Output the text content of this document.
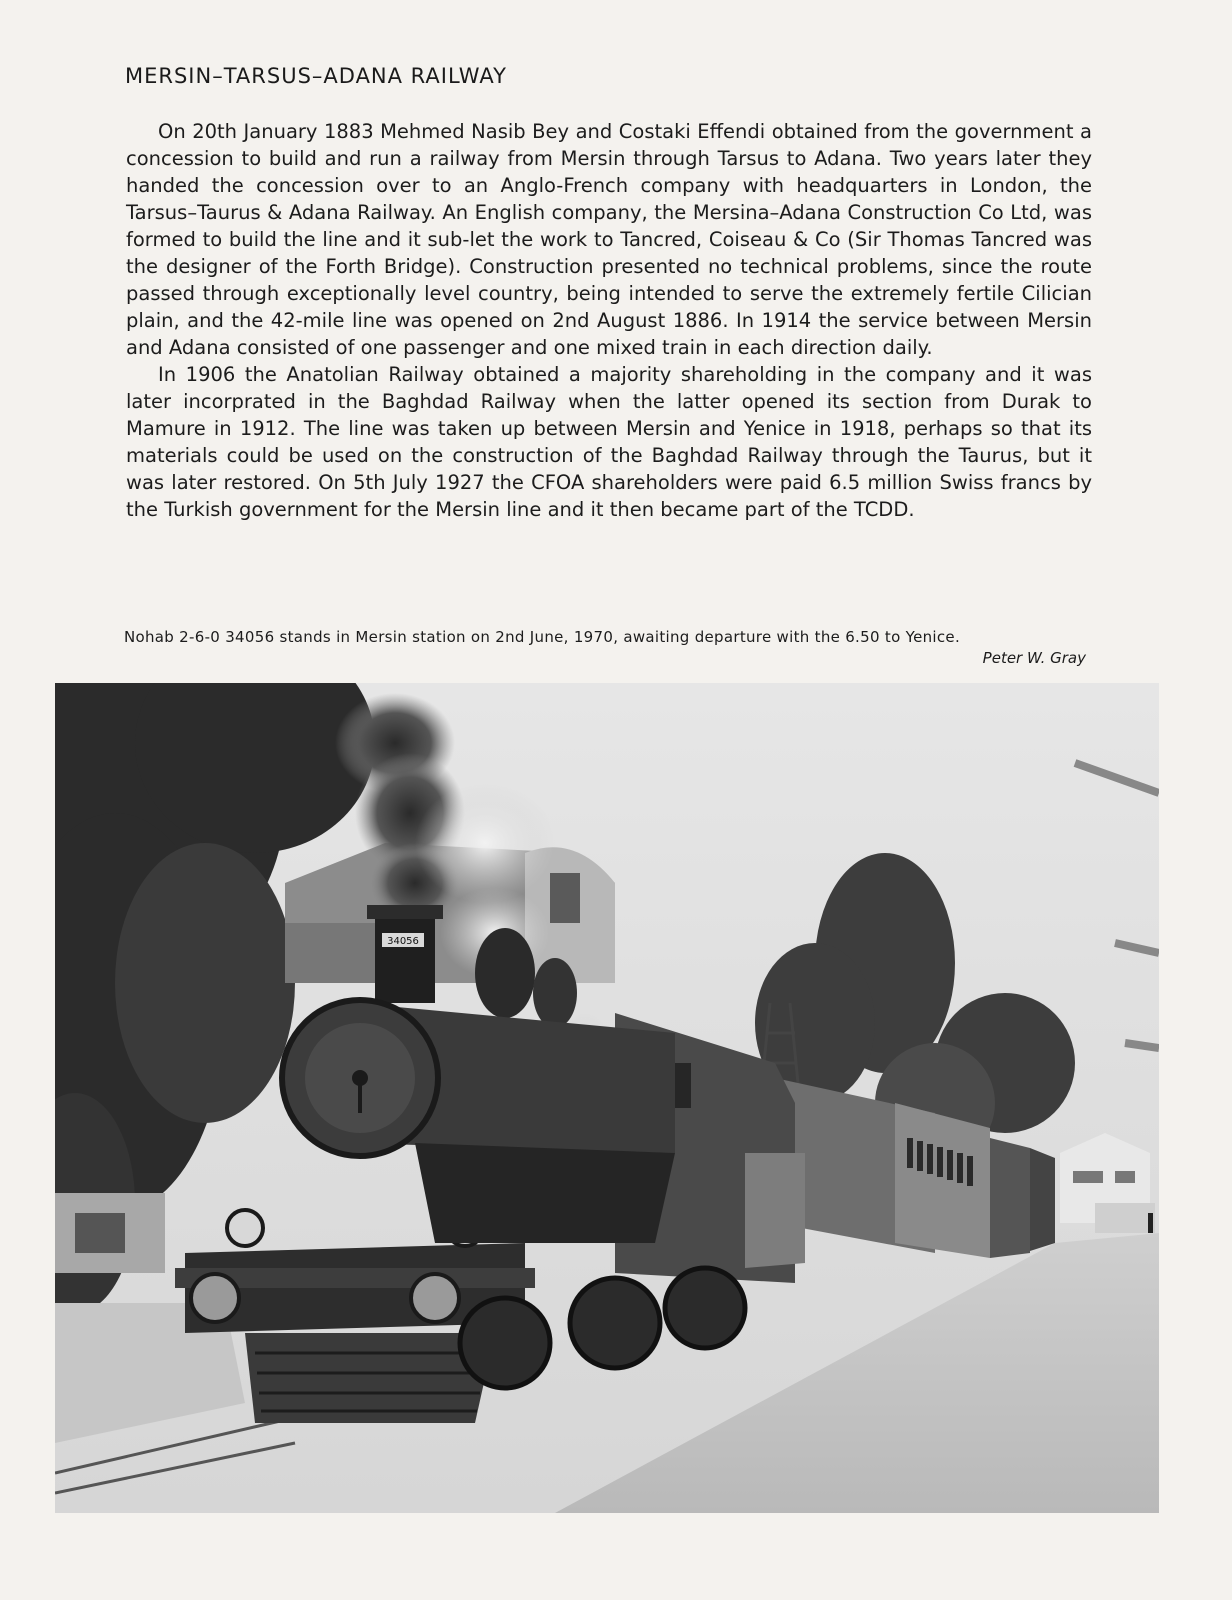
MERSIN–TARSUS–ADANA RAILWAY

On 20th January 1883 Mehmed Nasib Bey and Costaki Effendi obtained from the government a concession to build and run a railway from Mersin through Tarsus to Adana. Two years later they handed the concession over to an Anglo-French company with headquarters in London, the Tarsus–Taurus & Adana Railway. An English company, the Mersina–Adana Construction Co Ltd, was formed to build the line and it sub-let the work to Tancred, Coiseau & Co (Sir Thomas Tancred was the designer of the Forth Bridge). Construction presented no technical problems, since the route passed through exceptionally level country, being intended to serve the extremely fertile Cilician plain, and the 42-mile line was opened on 2nd August 1886. In 1914 the service between Mersin and Adana consisted of one passenger and one mixed train in each direction daily.

In 1906 the Anatolian Railway obtained a majority shareholding in the company and it was later incorprated in the Baghdad Railway when the latter opened its section from Durak to Mamure in 1912. The line was taken up between Mersin and Yenice in 1918, perhaps so that its materials could be used on the construction of the Baghdad Railway through the Taurus, but it was later restored. On 5th July 1927 the CFOA shareholders were paid 6.5 million Swiss francs by the Turkish government for the Mersin line and it then became part of the TCDD.

Nohab 2-6-0 34056 stands in Mersin station on 2nd June, 1970, awaiting departure with the 6.50 to Yenice.
Peter W. Gray
34056
